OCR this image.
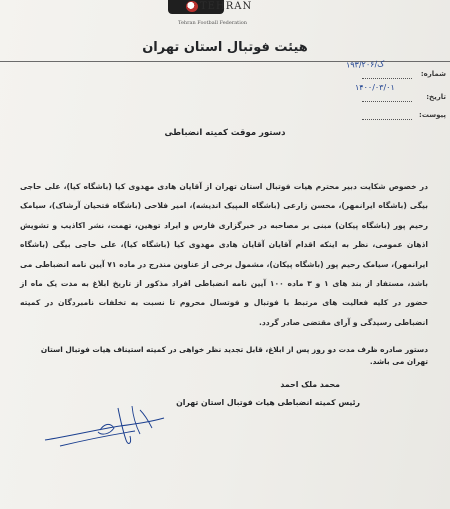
TEHRAN
Tehran Football Federation
هیئت فوتبال استان تهران
شماره:
۱۹۳/ک/۲۰۶
تاریخ:
۱۴۰۰/۰۳/۰۱
پیوست:
دستور موقت کمیته انضباطی
در خصوص شکایت دبیر محترم هیات فوتبال استان تهران از آقایان هادی مهدوی کیا (باشگاه کیا)، علی حاجی بیگی (باشگاه ایرانمهر)، محسن زارعی (باشگاه المپیک اندیشه)، امیر فلاحی (باشگاه فتحیان آرشاک)، سیامک رحیم پور (باشگاه پیکان) مبنی بر مصاحبه در خبرگزاری فارس و ایراد توهین، تهمت، نشر اکاذیب و تشویش اذهان عمومی، نظر به اینکه اقدام آقایان آقایان هادی مهدوی کیا (باشگاه کیا)، علی حاجی بیگی (باشگاه ایرانمهر)، سیامک رحیم پور (باشگاه پیکان)، مشمول برخی از عناوین مندرج در ماده ۷۱ آیین نامه انضباطی می باشد، مستفاد از بند های ۱ و ۳ ماده ۱۰۰ آیین نامه انضباطی افراد مذکور از تاریخ ابلاغ به مدت یک ماه از حضور در کلیه فعالیت های مرتبط با فوتبال و فوتسال محروم تا نسبت به تخلفات نامبردگان در کمیته انضباطی رسیدگی و آرای مقتضی صادر گردد.
دستور صادره ظرف مدت دو روز پس از ابلاغ، قابل تجدید نظر خواهی در کمیته استیناف هیات فوتبال استان تهران می باشد.
محمد ملک احمد
رئیس کمیته انضباطی هیات فوتبال استان تهران
